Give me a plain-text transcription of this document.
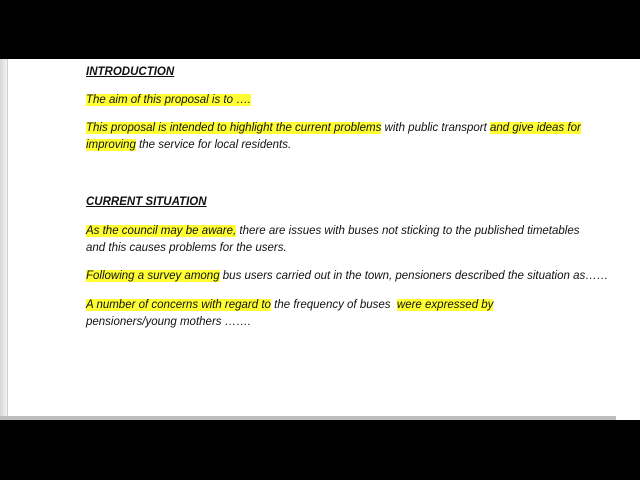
INTRODUCTION

The aim of this proposal is to ….

This proposal is intended to highlight the current problems with public transport and give ideas for improving the service for local residents.

CURRENT SITUATION

As the council may be aware, there are issues with buses not sticking to the published timetables and this causes problems for the users.

Following a survey among bus users carried out in the town, pensioners described the situation as……

A number of concerns with regard to the frequency of buses  were expressed by pensioners/young mothers …….
